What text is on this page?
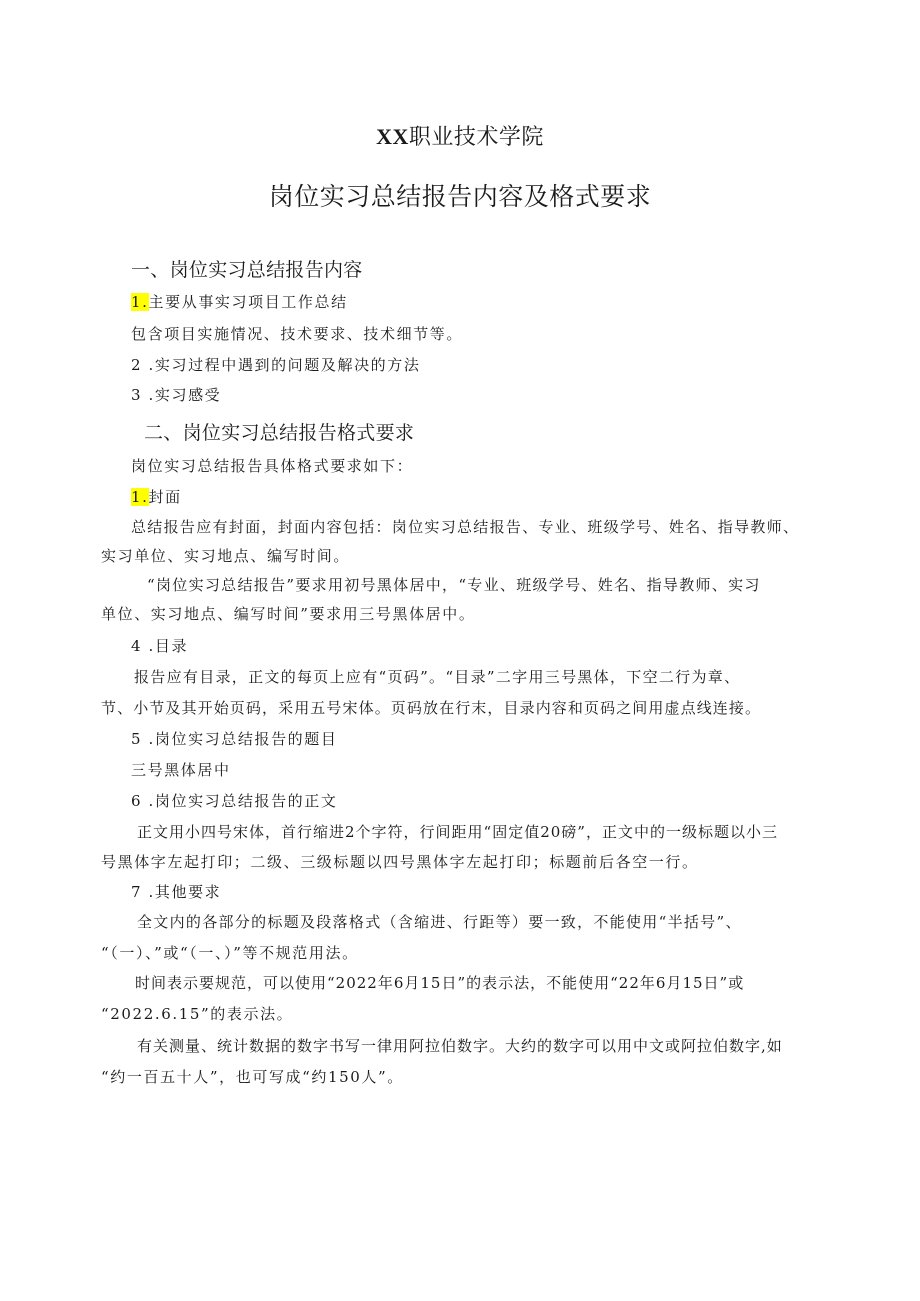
XX职业技术学院
岗位实习总结报告内容及格式要求
一、岗位实习总结报告内容
1.主要从事实习项目工作总结
包含项目实施情况、技术要求、技术细节等。
2 .实习过程中遇到的问题及解决的方法
3 .实习感受
二、岗位实习总结报告格式要求
岗位实习总结报告具体格式要求如下：
1.封面
总结报告应有封面，封面内容包括：岗位实习总结报告、专业、班级学号、姓名、指导教师、
实习单位、实习地点、编写时间。
“岗位实习总结报告”要求用初号黑体居中，“专业、班级学号、姓名、指导教师、实习
单位、实习地点、编写时间”要求用三号黑体居中。
4 .目录
报告应有目录，正文的每页上应有“页码”。“目录”二字用三号黑体，下空二行为章、
节、小节及其开始页码，采用五号宋体。页码放在行末，目录内容和页码之间用虚点线连接。
5 .岗位实习总结报告的题目
三号黑体居中
6 .岗位实习总结报告的正文
正文用小四号宋体，首行缩进2个字符，行间距用“固定值20磅”，正文中的一级标题以小三
号黑体字左起打印；二级、三级标题以四号黑体字左起打印；标题前后各空一行。
7 .其他要求
全文内的各部分的标题及段落格式（含缩进、行距等）要一致，不能使用“半括号”、
“（一）、”或“（一、）”等不规范用法。
时间表示要规范，可以使用“2022年6月15日”的表示法，不能使用“22年6月15日”或
“2022.6.15”的表示法。
有关测量、统计数据的数字书写一律用阿拉伯数字。大约的数字可以用中文或阿拉伯数字,如
“约一百五十人”，也可写成“约150人”。
